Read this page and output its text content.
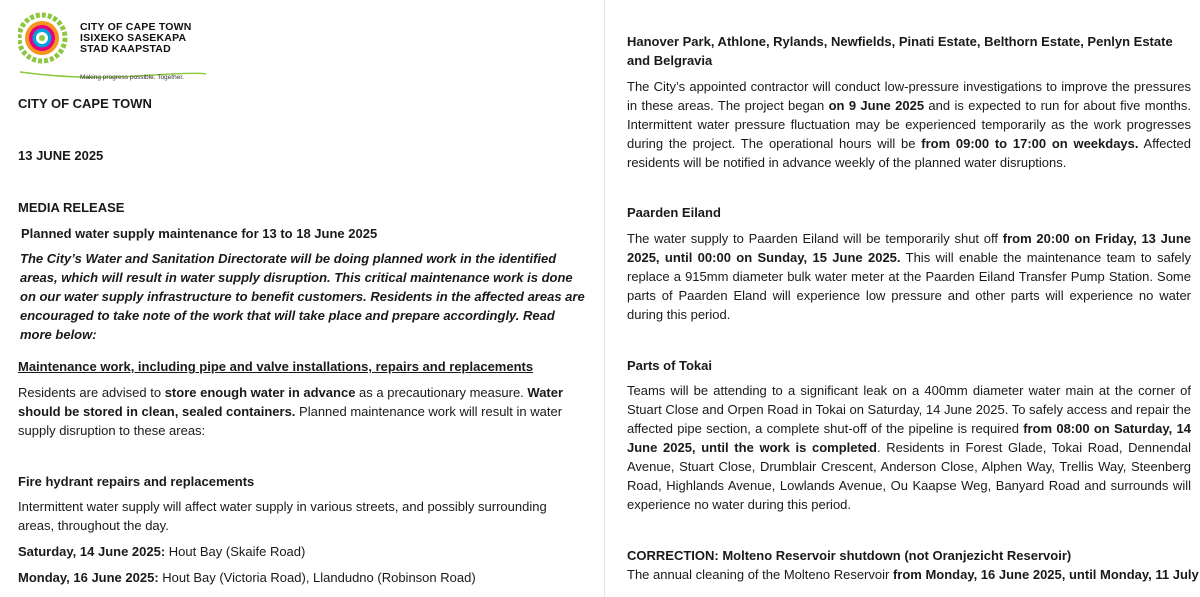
CITY OF CAPE TOWN
ISIXEKO SASEKAPA
STAD KAAPSTAD
Making progress possible. Together.
CITY OF CAPE TOWN
13 JUNE 2025
MEDIA RELEASE
Planned water supply maintenance for 13 to 18 June 2025

The City’s Water and Sanitation Directorate will be doing planned work in the identified areas, which will result in water supply disruption. This critical maintenance work is done on our water supply infrastructure to benefit customers. Residents in the affected areas are encouraged to take note of the work that will take place and prepare accordingly. Read more below:

Maintenance work, including pipe and valve installations, repairs and replacements

Residents are advised to store enough water in advance as a precautionary measure. Water should be stored in clean, sealed containers. Planned maintenance work will result in water supply disruption to these areas:

Fire hydrant repairs and replacements

Intermittent water supply will affect water supply in various streets, and possibly surrounding areas, throughout the day.

Saturday, 14 June 2025: Hout Bay (Skaife Road)
Monday, 16 June 2025: Hout Bay (Victoria Road), Llandudno (Robinson Road)

Hanover Park, Athlone, Rylands, Newfields, Pinati Estate, Belthorn Estate, Penlyn Estate and Belgravia

The City’s appointed contractor will conduct low-pressure investigations to improve the pressures in these areas. The project began on 9 June 2025 and is expected to run for about five months. Intermittent water pressure fluctuation may be experienced temporarily as the work progresses during the project. The operational hours will be from 09:00 to 17:00 on weekdays. Affected residents will be notified in advance weekly of the planned water disruptions.

Paarden Eiland

The water supply to Paarden Eiland will be temporarily shut off from 20:00 on Friday, 13 June 2025, until 00:00 on Sunday, 15 June 2025. This will enable the maintenance team to safely replace a 915mm diameter bulk water meter at the Paarden Eiland Transfer Pump Station. Some parts of Paarden Eland will experience low pressure and other parts will experience no water during this period.

Parts of Tokai

Teams will be attending to a significant leak on a 400mm diameter water main at the corner of Stuart Close and Orpen Road in Tokai on Saturday, 14 June 2025. To safely access and repair the affected pipe section, a complete shut-off of the pipeline is required from 08:00 on Saturday, 14 June 2025, until the work is completed. Residents in Forest Glade, Tokai Road, Dennendal Avenue, Stuart Close, Drumblair Crescent, Anderson Close, Alphen Way, Trellis Way, Steenberg Road, Highlands Avenue, Lowlands Avenue, Ou Kaapse Weg, Banyard Road and surrounds will experience no water during this period.

CORRECTION: Molteno Reservoir shutdown (not Oranjezicht Reservoir)
The annual cleaning of the Molteno Reservoir from Monday, 16 June 2025, until Monday, 11 July
